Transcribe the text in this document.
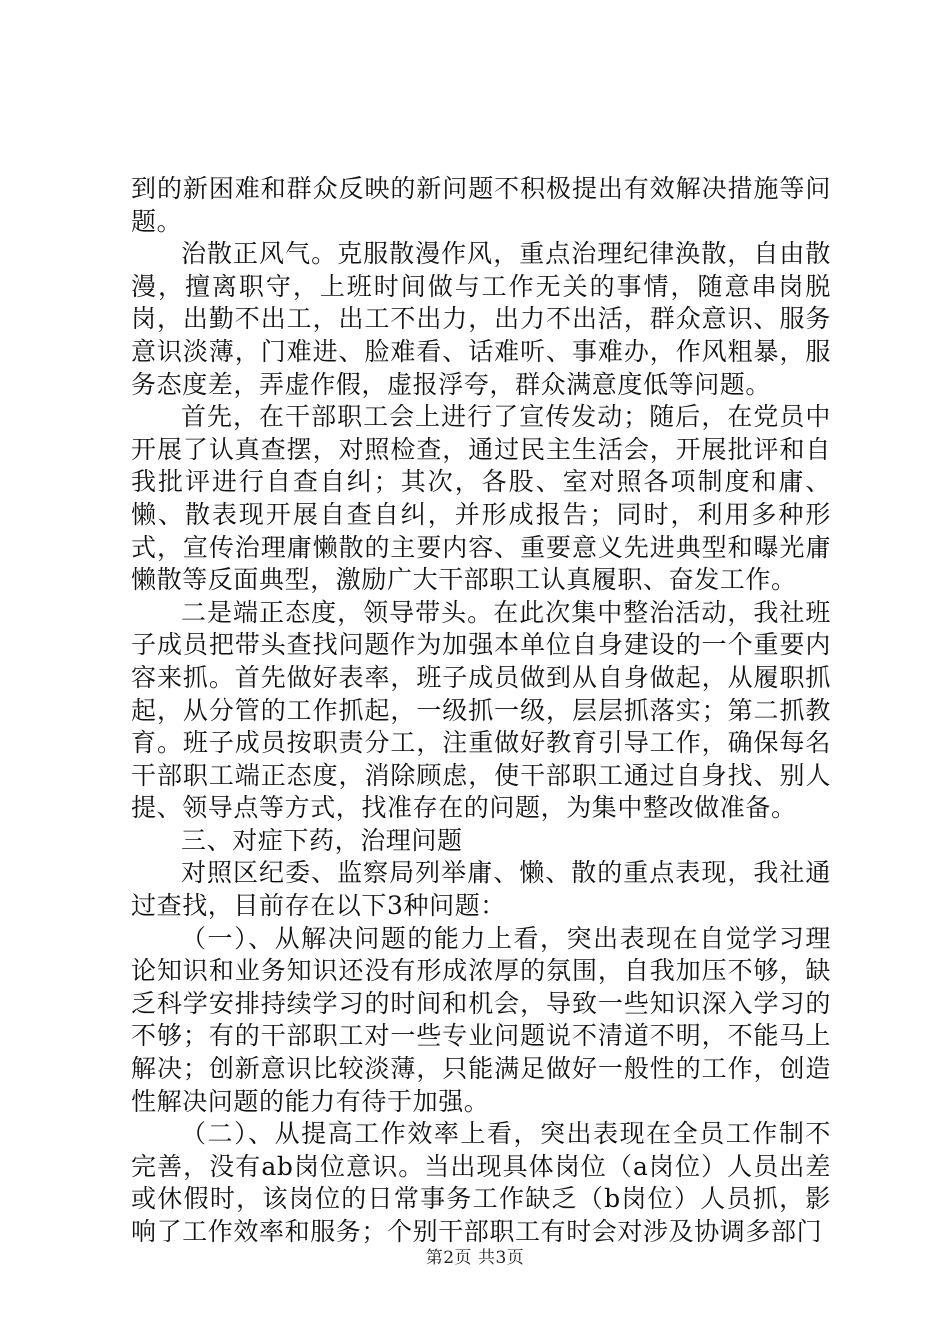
到的新困难和群众反映的新问题不积极提出有效解决措施等问题。

治散正风气。克服散漫作风，重点治理纪律涣散，自由散漫，擅离职守，上班时间做与工作无关的事情，随意串岗脱岗，出勤不出工，出工不出力，出力不出活，群众意识、服务意识淡薄，门难进、脸难看、话难听、事难办，作风粗暴，服务态度差，弄虚作假，虚报浮夸，群众满意度低等问题。

首先，在干部职工会上进行了宣传发动；随后，在党员中开展了认真查摆，对照检查，通过民主生活会，开展批评和自我批评进行自查自纠；其次，各股、室对照各项制度和庸、懒、散表现开展自查自纠，并形成报告；同时，利用多种形式，宣传治理庸懒散的主要内容、重要意义先进典型和曝光庸懒散等反面典型，激励广大干部职工认真履职、奋发工作。

二是端正态度，领导带头。在此次集中整治活动，我社班子成员把带头查找问题作为加强本单位自身建设的一个重要内容来抓。首先做好表率，班子成员做到从自身做起，从履职抓起，从分管的工作抓起，一级抓一级，层层抓落实；第二抓教育。班子成员按职责分工，注重做好教育引导工作，确保每名干部职工端正态度，消除顾虑，使干部职工通过自身找、别人提、领导点等方式，找准存在的问题，为集中整改做准备。

三、对症下药，治理问题

对照区纪委、监察局列举庸、懒、散的重点表现，我社通过查找，目前存在以下3种问题：

（一）、从解决问题的能力上看，突出表现在自觉学习理论知识和业务知识还没有形成浓厚的氛围，自我加压不够，缺乏科学安排持续学习的时间和机会，导致一些知识深入学习的不够；有的干部职工对一些专业问题说不清道不明，不能马上解决；创新意识比较淡薄，只能满足做好一般性的工作，创造性解决问题的能力有待于加强。

（二）、从提高工作效率上看，突出表现在全员工作制不完善，没有ab岗位意识。当出现具体岗位（a岗位）人员出差或休假时，该岗位的日常事务工作缺乏（b岗位）人员抓，影响了工作效率和服务；个别干部职工有时会对涉及协调多部门

第2页 共3页
